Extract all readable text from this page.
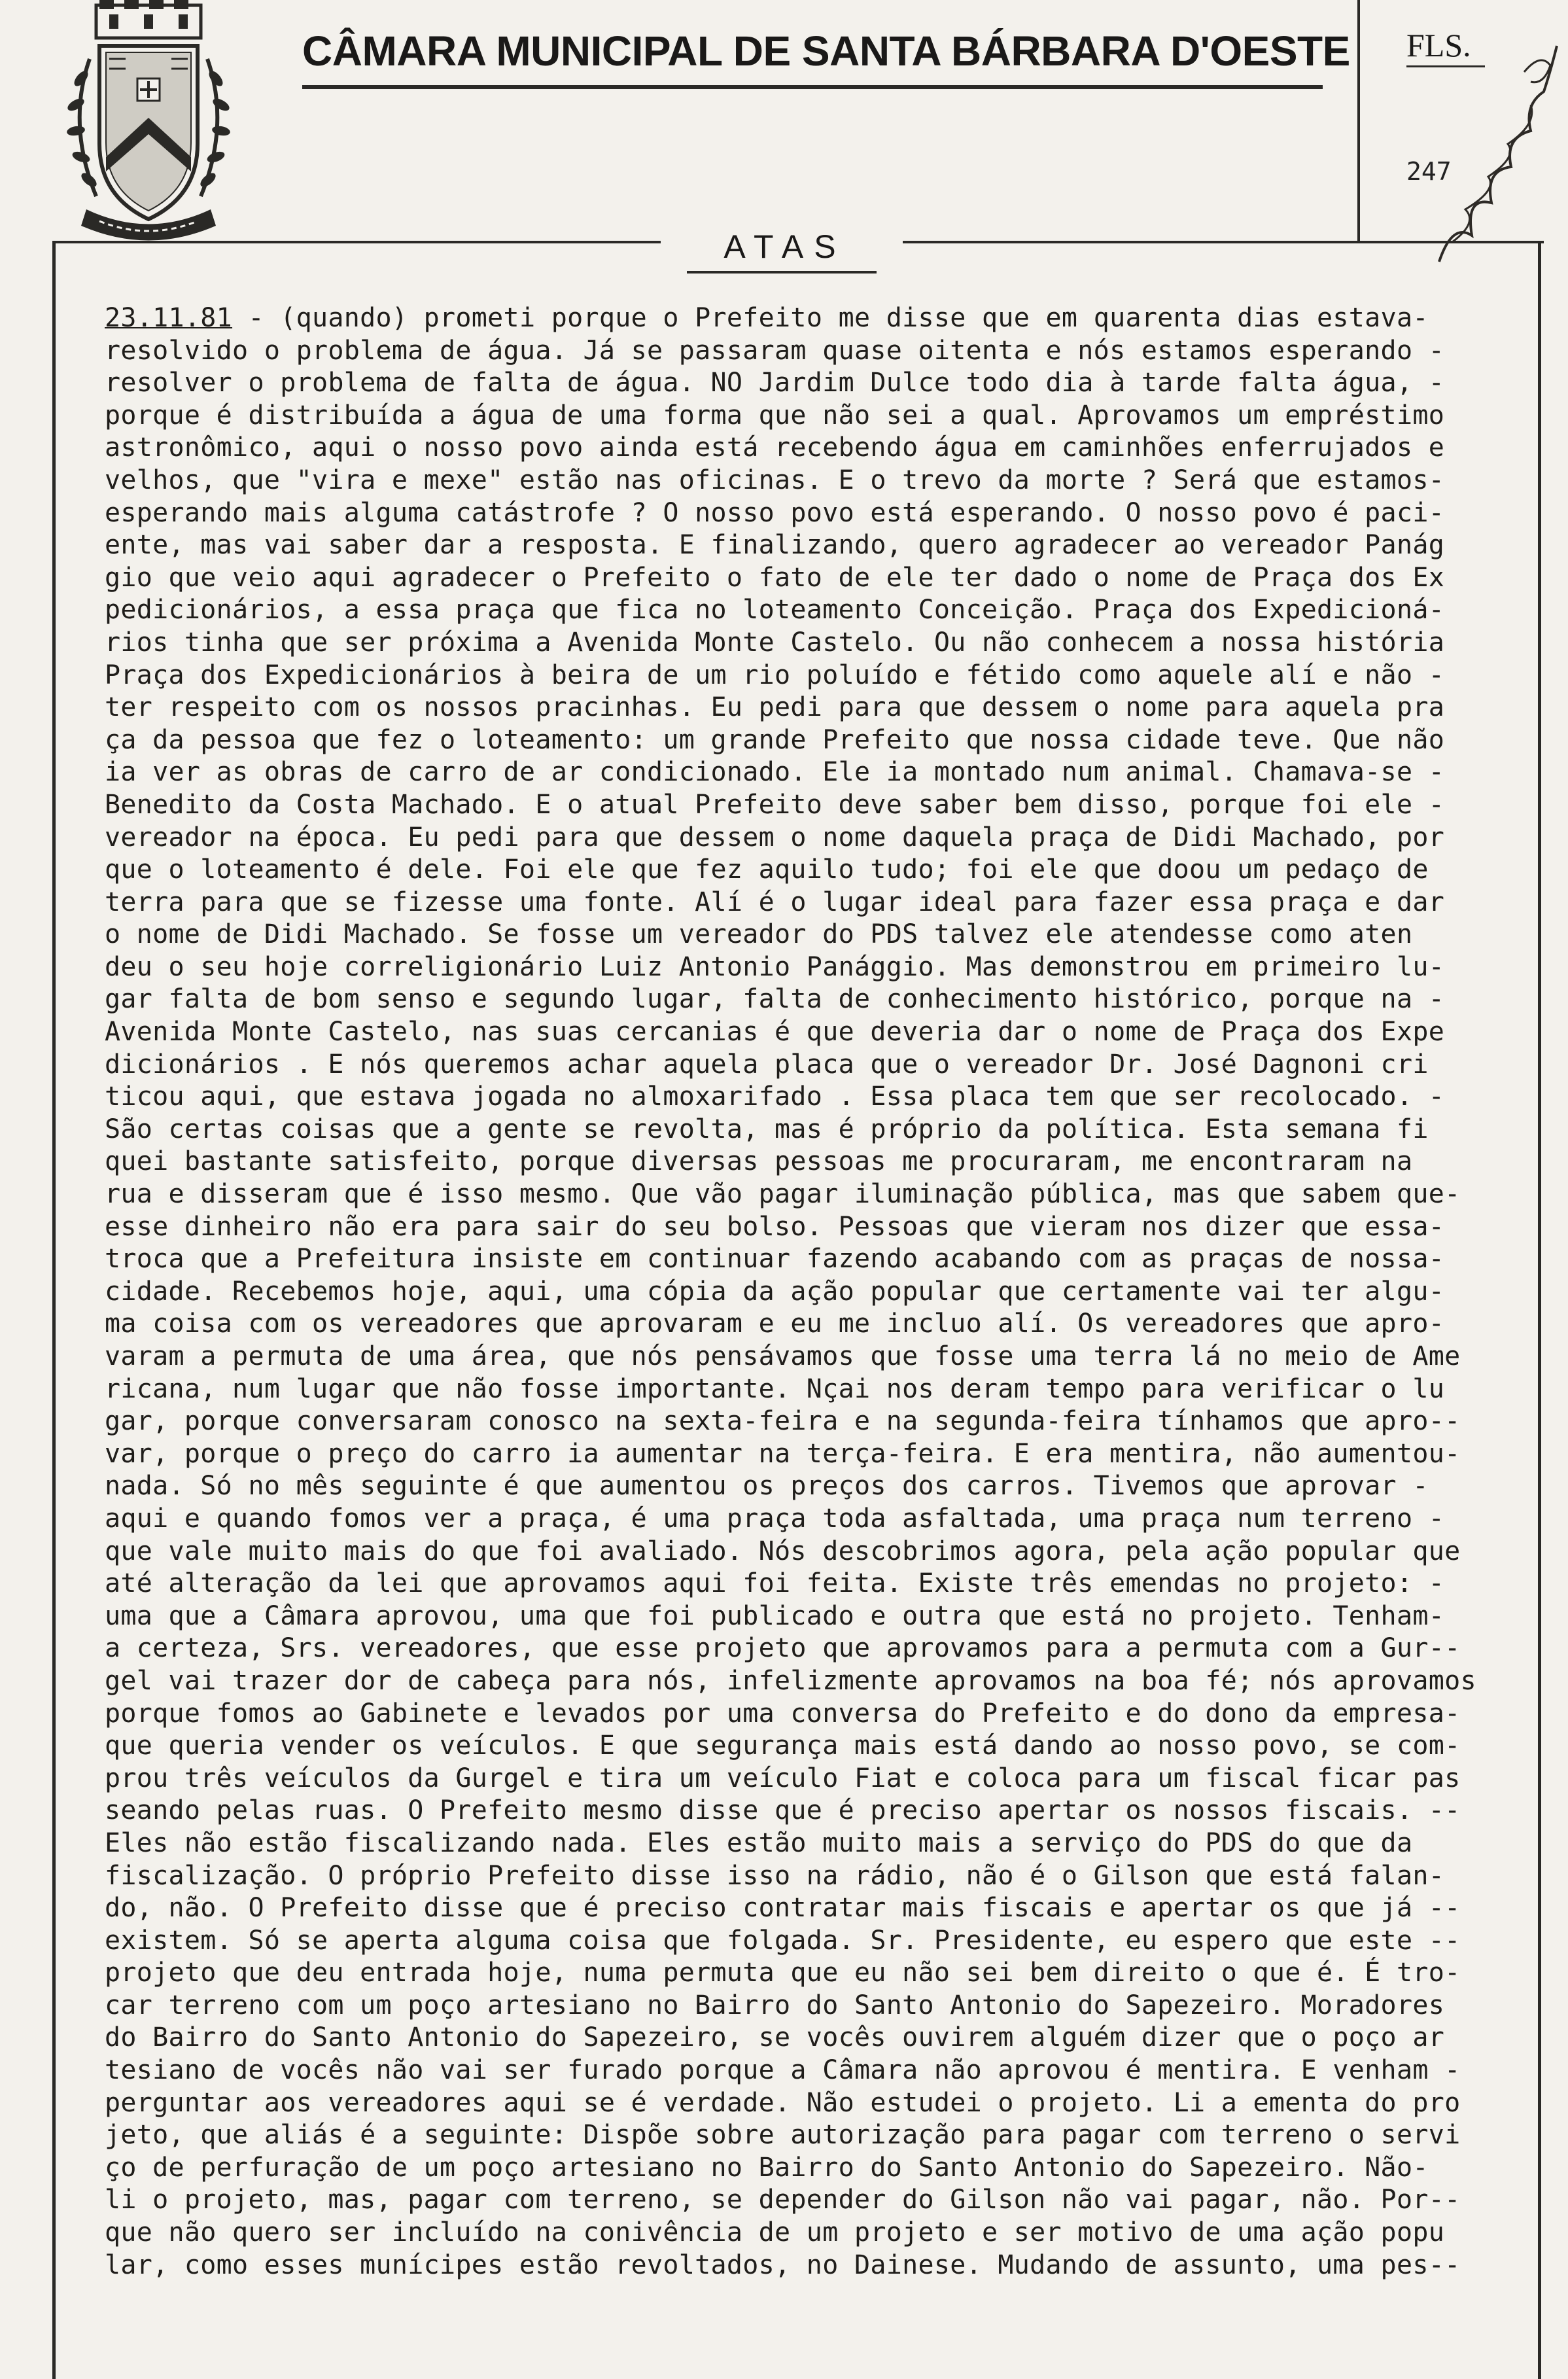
CÂMARA MUNICIPAL DE SANTA BÁRBARA D'OESTE FLS.
247
ATAS
23.11.81 - (quando) prometi porque o Prefeito me disse que em quarenta dias estava-
resolvido o problema de água. Já se passaram quase oitenta e nós estamos esperando -
resolver o problema de falta de água. NO Jardim Dulce todo dia à tarde falta água, -
porque é distribuída a água de uma forma que não sei a qual. Aprovamos um empréstimo
astronômico, aqui o nosso povo ainda está recebendo água em caminhões enferrujados e
velhos, que "vira e mexe" estão nas oficinas. E o trevo da morte ? Será que estamos-
esperando mais alguma catástrofe ? O nosso povo está esperando. O nosso povo é paci-
ente, mas vai saber dar a resposta. E finalizando, quero agradecer ao vereador Panág
gio que veio aqui agradecer o Prefeito o fato de ele ter dado o nome de Praça dos Ex
pedicionários, a essa praça que fica no loteamento Conceição. Praça dos Expedicioná-
rios tinha que ser próxima a Avenida Monte Castelo. Ou não conhecem a nossa história
Praça dos Expedicionários à beira de um rio poluído e fétido como aquele alí e não -
ter respeito com os nossos pracinhas. Eu pedi para que dessem o nome para aquela pra
ça da pessoa que fez o loteamento: um grande Prefeito que nossa cidade teve. Que não
ia ver as obras de carro de ar condicionado. Ele ia montado num animal. Chamava-se -
Benedito da Costa Machado. E o atual Prefeito deve saber bem disso, porque foi ele -
vereador na época. Eu pedi para que dessem o nome daquela praça de Didi Machado, por
que o loteamento é dele. Foi ele que fez aquilo tudo; foi ele que doou um pedaço de
terra para que se fizesse uma fonte. Alí é o lugar ideal para fazer essa praça e dar
o nome de Didi Machado. Se fosse um vereador do PDS talvez ele atendesse como aten
deu o seu hoje correligionário Luiz Antonio Panággio. Mas demonstrou em primeiro lu-
gar falta de bom senso e segundo lugar, falta de conhecimento histórico, porque na -
Avenida Monte Castelo, nas suas cercanias é que deveria dar o nome de Praça dos Expe
dicionários . E nós queremos achar aquela placa que o vereador Dr. José Dagnoni cri
ticou aqui, que estava jogada no almoxarifado . Essa placa tem que ser recolocado. -
São certas coisas que a gente se revolta, mas é próprio da política. Esta semana fi
quei bastante satisfeito, porque diversas pessoas me procuraram, me encontraram na
rua e disseram que é isso mesmo. Que vão pagar iluminação pública, mas que sabem que-
esse dinheiro não era para sair do seu bolso. Pessoas que vieram nos dizer que essa-
troca que a Prefeitura insiste em continuar fazendo acabando com as praças de nossa-
cidade. Recebemos hoje, aqui, uma cópia da ação popular que certamente vai ter algu-
ma coisa com os vereadores que aprovaram e eu me incluo alí. Os vereadores que apro-
varam a permuta de uma área, que nós pensávamos que fosse uma terra lá no meio de Ame
ricana, num lugar que não fosse importante. Nçai nos deram tempo para verificar o lu
gar, porque conversaram conosco na sexta-feira e na segunda-feira tínhamos que apro--
var, porque o preço do carro ia aumentar na terça-feira. E era mentira, não aumentou-
nada. Só no mês seguinte é que aumentou os preços dos carros. Tivemos que aprovar -
aqui e quando fomos ver a praça, é uma praça toda asfaltada, uma praça num terreno -
que vale muito mais do que foi avaliado. Nós descobrimos agora, pela ação popular que
até alteração da lei que aprovamos aqui foi feita. Existe três emendas no projeto: -
uma que a Câmara aprovou, uma que foi publicado e outra que está no projeto. Tenham-
a certeza, Srs. vereadores, que esse projeto que aprovamos para a permuta com a Gur--
gel vai trazer dor de cabeça para nós, infelizmente aprovamos na boa fé; nós aprovamos
porque fomos ao Gabinete e levados por uma conversa do Prefeito e do dono da empresa-
que queria vender os veículos. E que segurança mais está dando ao nosso povo, se com-
prou três veículos da Gurgel e tira um veículo Fiat e coloca para um fiscal ficar pas
seando pelas ruas. O Prefeito mesmo disse que é preciso apertar os nossos fiscais. --
Eles não estão fiscalizando nada. Eles estão muito mais a serviço do PDS do que da
fiscalização. O próprio Prefeito disse isso na rádio, não é o Gilson que está falan-
do, não. O Prefeito disse que é preciso contratar mais fiscais e apertar os que já --
existem. Só se aperta alguma coisa que folgada. Sr. Presidente, eu espero que este --
projeto que deu entrada hoje, numa permuta que eu não sei bem direito o que é. É tro-
car terreno com um poço artesiano no Bairro do Santo Antonio do Sapezeiro. Moradores
do Bairro do Santo Antonio do Sapezeiro, se vocês ouvirem alguém dizer que o poço ar
tesiano de vocês não vai ser furado porque a Câmara não aprovou é mentira. E venham -
perguntar aos vereadores aqui se é verdade. Não estudei o projeto. Li a ementa do pro
jeto, que aliás é a seguinte: Dispõe sobre autorização para pagar com terreno o servi
ço de perfuração de um poço artesiano no Bairro do Santo Antonio do Sapezeiro. Não-
li o projeto, mas, pagar com terreno, se depender do Gilson não vai pagar, não. Por--
que não quero ser incluído na conivência de um projeto e ser motivo de uma ação popu
lar, como esses munícipes estão revoltados, no Dainese. Mudando de assunto, uma pes--
